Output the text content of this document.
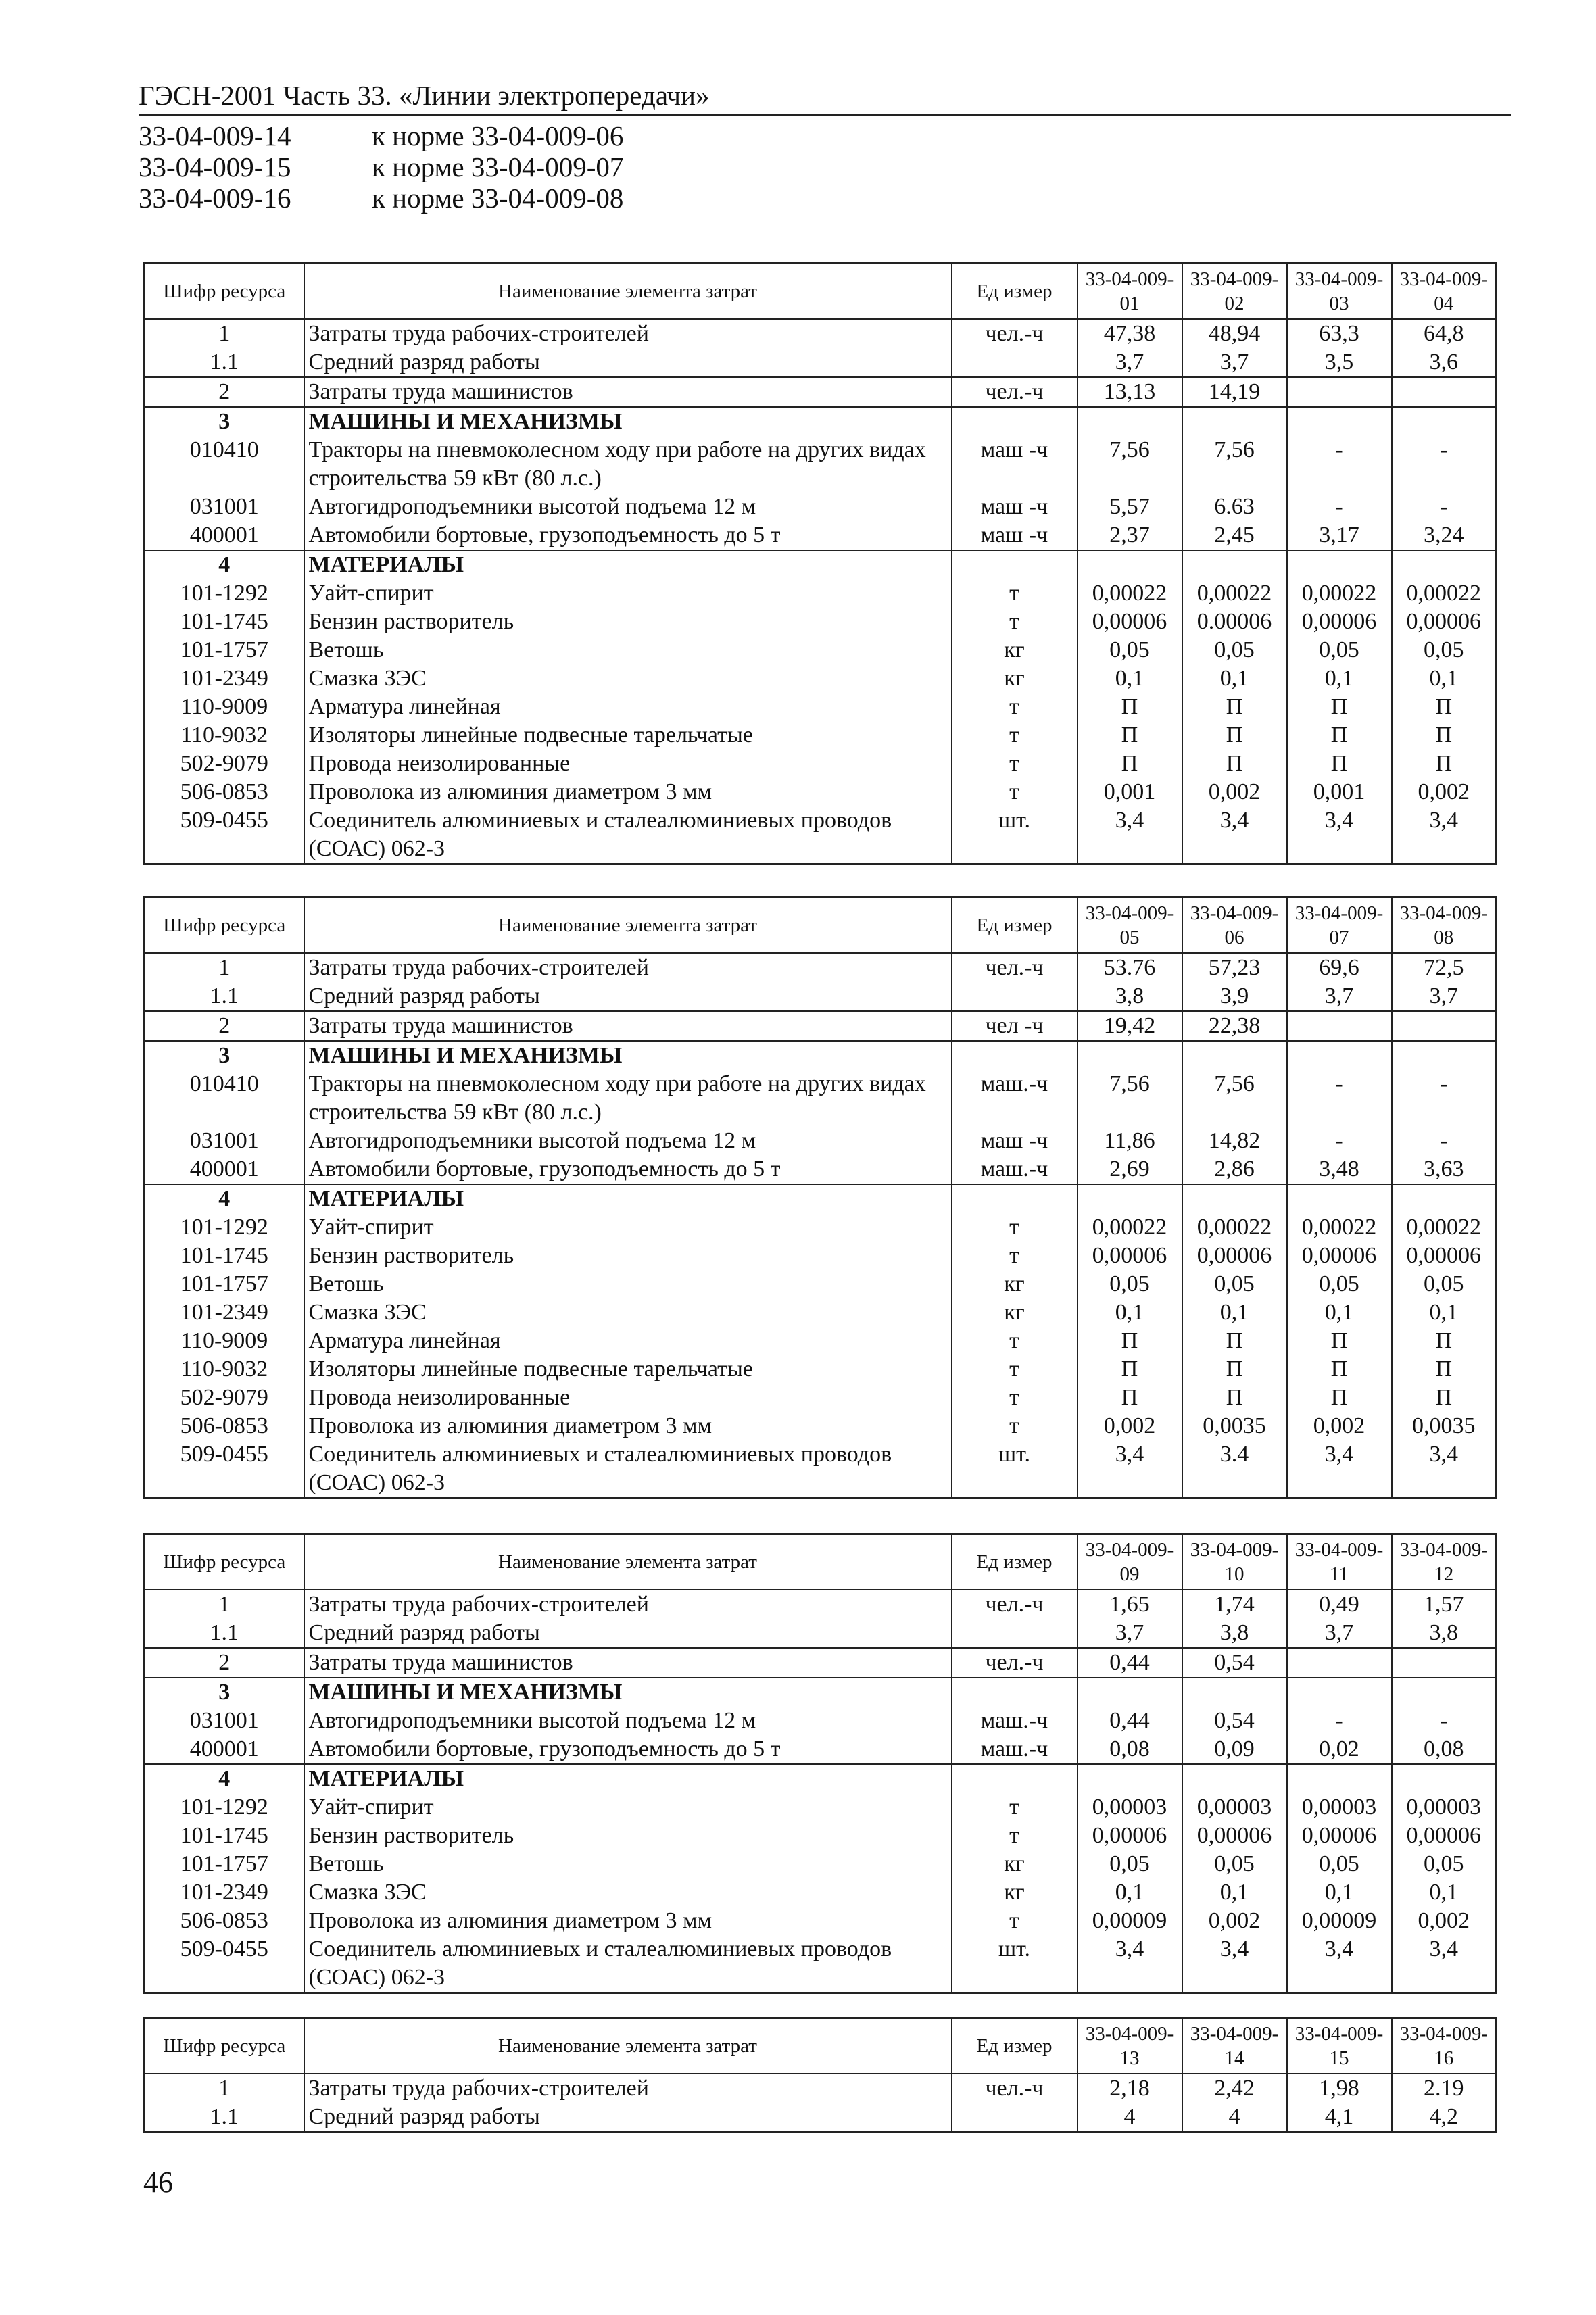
ГЭСН-2001 Часть 33. «Линии электропередачи»
33-04-009-14	к норме 33-04-009-06
33-04-009-15	к норме 33-04-009-07
33-04-009-16	к норме 33-04-009-08
Шифр ресурса	Наименование элемента затрат	Ед измер	33-04-009-01	33-04-009-02	33-04-009-03	33-04-009-04
1	Затраты труда рабочих-строителей	чел.-ч	47,38	48,94	63,3	64,8
1.1	Средний разряд работы		3,7	3,7	3,5	3,6
2	Затраты труда машинистов	чел.-ч	13,13	14,19		
3	МАШИНЫ И МЕХАНИЗМЫ					
010410	Тракторы на пневмоколесном ходу при работе на других видах строительства 59 кВт (80 л.с.)	маш -ч	7,56	7,56	-	-
031001	Автогидроподъемники высотой подъема 12 м	маш -ч	5,57	6.63	-	-
400001	Автомобили бортовые, грузоподъемность до 5 т	маш -ч	2,37	2,45	3,17	3,24
4	МАТЕРИАЛЫ					
101-1292	Уайт-спирит	т	0,00022	0,00022	0,00022	0,00022
101-1745	Бензин растворитель	т	0,00006	0.00006	0,00006	0,00006
101-1757	Ветошь	кг	0,05	0,05	0,05	0,05
101-2349	Смазка ЗЭС	кг	0,1	0,1	0,1	0,1
110-9009	Арматура линейная	т	П	П	П	П
110-9032	Изоляторы линейные подвесные тарельчатые	т	П	П	П	П
502-9079	Провода неизолированные	т	П	П	П	П
506-0853	Проволока из алюминия диаметром 3 мм	т	0,001	0,002	0,001	0,002
509-0455	Соединитель алюминиевых и сталеалюминиевых проводов (СОАС) 062-3	шт.	3,4	3,4	3,4	3,4
Шифр ресурса	Наименование элемента затрат	Ед измер	33-04-009-05	33-04-009-06	33-04-009-07	33-04-009-08
1	Затраты труда рабочих-строителей	чел.-ч	53.76	57,23	69,6	72,5
1.1	Средний разряд работы		3,8	3,9	3,7	3,7
2	Затраты труда машинистов	чел -ч	19,42	22,38		
3	МАШИНЫ И МЕХАНИЗМЫ					
010410	Тракторы на пневмоколесном ходу при работе на других видах строительства 59 кВт (80 л.с.)	маш.-ч	7,56	7,56	-	-
031001	Автогидроподъемники высотой подъема 12 м	маш -ч	11,86	14,82	-	-
400001	Автомобили бортовые, грузоподъемность до 5 т	маш.-ч	2,69	2,86	3,48	3,63
4	МАТЕРИАЛЫ					
101-1292	Уайт-спирит	т	0,00022	0,00022	0,00022	0,00022
101-1745	Бензин растворитель	т	0,00006	0,00006	0,00006	0,00006
101-1757	Ветошь	кг	0,05	0,05	0,05	0,05
101-2349	Смазка ЗЭС	кг	0,1	0,1	0,1	0,1
110-9009	Арматура линейная	т	П	П	П	П
110-9032	Изоляторы линейные подвесные тарельчатые	т	П	П	П	П
502-9079	Провода неизолированные	т	П	П	П	П
506-0853	Проволока из алюминия диаметром 3 мм	т	0,002	0,0035	0,002	0,0035
509-0455	Соединитель алюминиевых и сталеалюминиевых проводов (СОАС) 062-3	шт.	3,4	3.4	3,4	3,4
Шифр ресурса	Наименование элемента затрат	Ед измер	33-04-009-09	33-04-009-10	33-04-009-11	33-04-009-12
1	Затраты труда рабочих-строителей	чел.-ч	1,65	1,74	0,49	1,57
1.1	Средний разряд работы		3,7	3,8	3,7	3,8
2	Затраты труда машинистов	чел.-ч	0,44	0,54		
3	МАШИНЫ И МЕХАНИЗМЫ					
031001	Автогидроподъемники высотой подъема 12 м	маш.-ч	0,44	0,54	-	-
400001	Автомобили бортовые, грузоподъемность до 5 т	маш.-ч	0,08	0,09	0,02	0,08
4	МАТЕРИАЛЫ					
101-1292	Уайт-спирит	т	0,00003	0,00003	0,00003	0,00003
101-1745	Бензин растворитель	т	0,00006	0,00006	0,00006	0,00006
101-1757	Ветошь	кг	0,05	0,05	0,05	0,05
101-2349	Смазка ЗЭС	кг	0,1	0,1	0,1	0,1
506-0853	Проволока из алюминия диаметром 3 мм	т	0,00009	0,002	0,00009	0,002
509-0455	Соединитель алюминиевых и сталеалюминиевых проводов (СОАС) 062-3	шт.	3,4	3,4	3,4	3,4
Шифр ресурса	Наименование элемента затрат	Ед измер	33-04-009-13	33-04-009-14	33-04-009-15	33-04-009-16
1	Затраты труда рабочих-строителей	чел.-ч	2,18	2,42	1,98	2.19
1.1	Средний разряд работы		4	4	4,1	4,2
46
